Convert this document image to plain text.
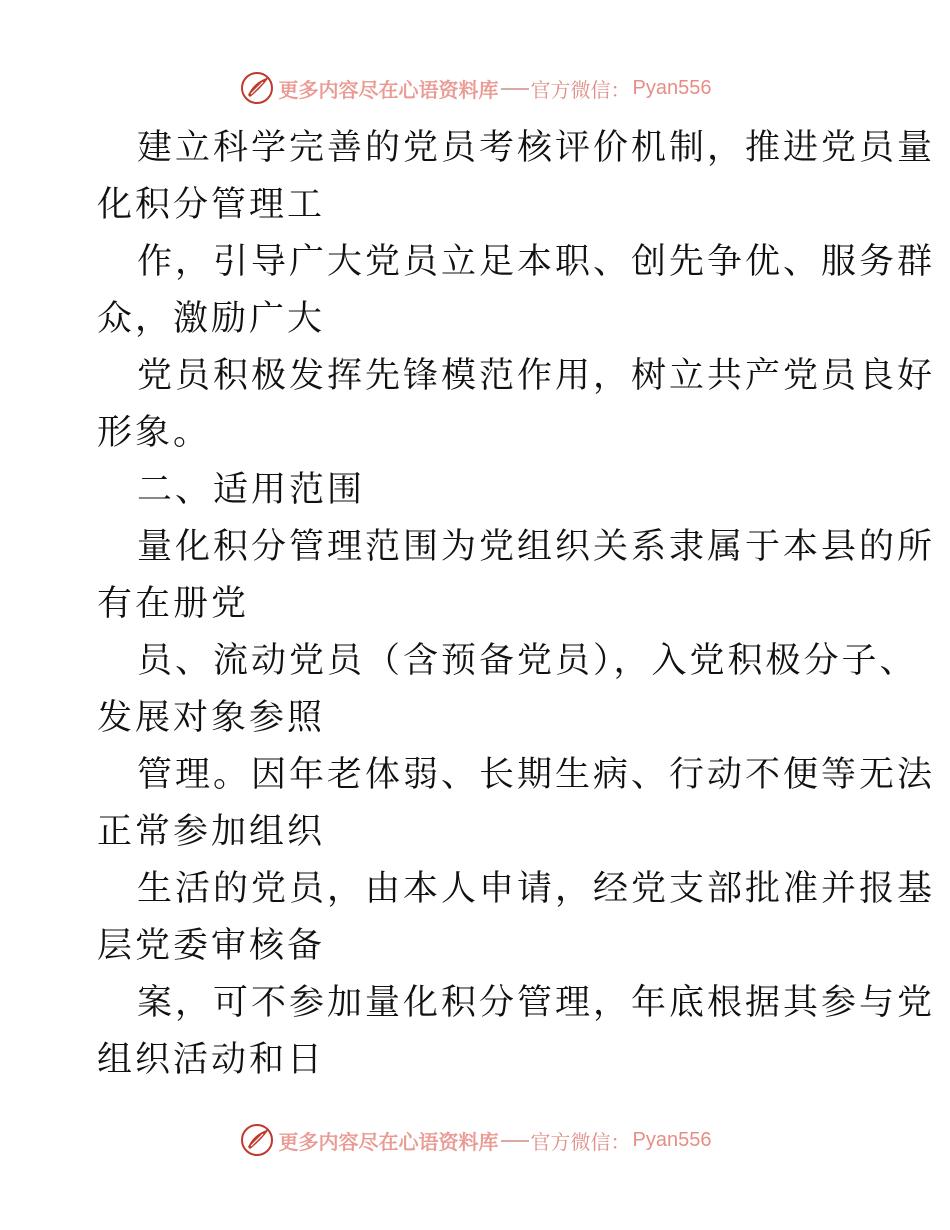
更多内容尽在心语资料库 官方微信： Pyan556
建立科学完善的党员考核评价机制，推进党员量
化积分管理工
作，引导广大党员立足本职、创先争优、服务群
众，激励广大
党员积极发挥先锋模范作用，树立共产党员良好
形象。
二、适用范围
量化积分管理范围为党组织关系隶属于本县的所
有在册党
员、流动党员（含预备党员），入党积极分子、
发展对象参照
管理。因年老体弱、长期生病、行动不便等无法
正常参加组织
生活的党员，由本人申请，经党支部批准并报基
层党委审核备
案，可不参加量化积分管理，年底根据其参与党
组织活动和日
更多内容尽在心语资料库 官方微信： Pyan556
